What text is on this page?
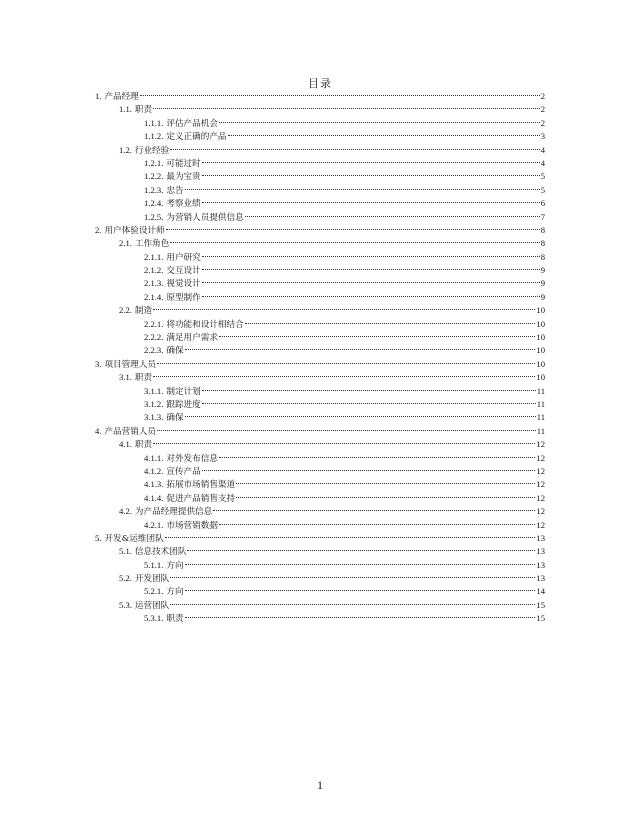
目录
1. 产品经理	2
1.1. 职责	2
1.1.1. 评估产品机会	2
1.1.2. 定义正确的产品	3
1.2. 行业经验	4
1.2.1. 可能过时	4
1.2.2. 最为宝贵	5
1.2.3. 忠告	5
1.2.4. 考察业绩	6
1.2.5. 为营销人员提供信息	7
2. 用户体验设计师	8
2.1. 工作角色	8
2.1.1. 用户研究	8
2.1.2. 交互设计	9
2.1.3. 视觉设计	9
2.1.4. 原型制作	9
2.2. 制造	10
2.2.1. 将功能和设计相结合	10
2.2.2. 满足用户需求	10
2.2.3. 确保	10
3. 项目管理人员	10
3.1. 职责	10
3.1.1. 制定计划	11
3.1.2. 跟踪进度	11
3.1.3. 确保	11
4. 产品营销人员	11
4.1. 职责	12
4.1.1. 对外发布信息	12
4.1.2. 宣传产品	12
4.1.3. 拓展市场销售渠道	12
4.1.4. 促进产品销售支持	12
4.2. 为产品经理提供信息	12
4.2.1. 市场营销数据	12
5. 开发&运维团队	13
5.1. 信息技术团队	13
5.1.1. 方向	13
5.2. 开发团队	13
5.2.1. 方向	14
5.3. 运营团队	15
5.3.1. 职责	15
1
